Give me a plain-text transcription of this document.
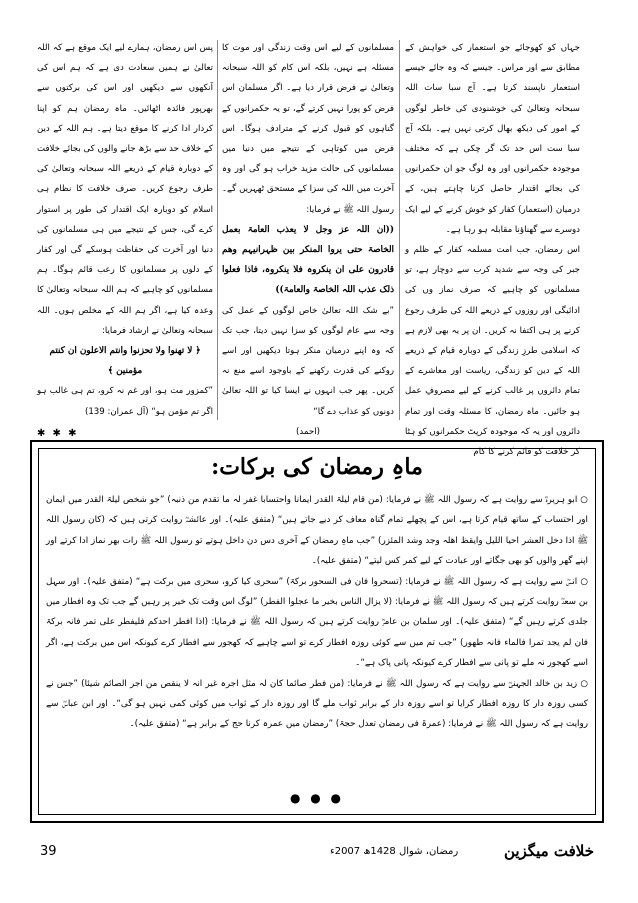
جہاں کو کھوجائے جو استعمار کی خواہش کے مطابق سے اور مراس۔ جیسے کہ وہ جائے جیسے استعمار ناپسند کرتا ہے۔ آج سبا سات اللہ سبحانہ وتعالیٰ کی خوشنودی کی خاطر لوگوں کے امور کی دیکھ بھال کرتی نہیں ہے۔ بلکہ آج سبا ست اس حد تک گر چکی ہے کہ مختلف موجودہ حکمرانوں اور وہ لوگ جو ان حکمرانوں کی بجائے اقتدار حاصل کرنا چاہتے ہیں، کے درمیان (استعمار) کفار کو خوش کرنے کے لیے ایک دوسرے سے گھناؤنا مقابلہ ہو رہا ہے۔

اس رمضان، جب امت مسلمہ کفار کے ظلم و جبر کی وجہ سے شدید کرب سے دوچار ہے، تو مسلمانوں کو چاہیے کہ صرف نماز وں کی ادائیگی اور روزوں کے ذریعے اللہ کی طرف رجوع کرنے پر ہی اکتفا نہ کریں۔ ان پر یہ بھی لازم ہے کہ اسلامی طرزِ زندگی کے دوبارہ قیام کے ذریعے اللہ کے دین کو زندگی، ریاست اور معاشرے کے تمام دائروں پر غالب کرنے کے لیے مصروفِ عمل ہو جائیں۔ ماہ رمضان، کا مسئلہ وقت اور تمام دائروں اور یہ کہ موجودہ کرپٹ حکمرانوں کو ہٹا کر خلافت کو قائم کرنے کا کام

مسلمانوں کے لیے اس وقت زندگی اور موت کا مسئلہ ہے نہیں، بلکہ اس کام کو اللہ سبحانہ وتعالیٰ نے فرض قرار دیا ہے۔ اگر مسلمان اس فرض کو پورا نہیں کرتے گے، تو یہ حکمرانوں کے گناہوں کو قبول کرنے کے مترادف ہوگا۔ اس فرض میں کوتاہی کے نتیجے میں دنیا میں مسلمانوں کی حالت مزید خراب ہو گی اور وہ آخرت میں اللہ کی سزا کے مستحق ٹھہریں گے۔ رسول اللہ ﷺ نے فرمایا:

((ان اللہ عز وجل لا یعذب العامۃ بعمل الخاصۃ حتی یروا المنکر بین ظہرانیہم وھم قادرون علی ان ینکروہ فلا ینکروہ، فاذا فعلوا ذلک عذب اللہ الخاصۃ والعامۃ))

”بے شک اللہ تعالیٰ خاص لوگوں کے عمل کی وجہ سے عام لوگوں کو سزا نہیں دیتا، جب تک کہ وہ اپنے درمیان منکر ہوتا دیکھیں اور اسے روکنے کی قدرت رکھنے کے باوجود اسے منع نہ کریں۔ پھر جب انہوں نے ایسا کیا تو اللہ تعالیٰ دونوں کو عذاب دے گا“

(احمد)

پس اس رمضان، ہمارے لیے ایک موقع ہے کہ اللہ تعالیٰ نے ہمیں سعادت دی ہے کہ ہم اس کی آنکھوں سے دیکھیں اور اس کی برکتوں سے بھرپور فائدہ اٹھائیں۔ ماہ رمضان ہم کو اپنا کردار ادا کرنے کا موقع دیتا ہے۔ ہم اللہ کے دین کے خلاف حد سے بڑھ جانے والوں کی بجائے خلافت کے دوبارہ قیام کے ذریعے اللہ سبحانہ وتعالیٰ کی طرف رجوع کریں۔ صرف خلافت کا نظام ہی اسلام کو دوبارہ ایک اقتدار کی طور پر استوار کرے گی، جس کے نتیجے میں ہی مسلمانوں کی دنیا اور آخرت کی حفاظت ہوسکے گی اور کفار کے دلوں پر مسلمانوں کا رعب قائم ہوگا۔ ہم مسلمانوں کو چاہیے کہ ہم اللہ سبحانہ وتعالیٰ کا وعدہ کیا ہے، اگر ہم اللہ کے مخلص ہوں۔ اللہ سبحانہ وتعالیٰ نے ارشاد فرمایا:

﴿ لا تھنوا ولا تحزنوا وانتم الاعلون ان کنتم مؤمنین ﴾

”کمزور مت ہو، اور غم نہ کرو، تم ہی غالب ہو اگر تم مؤمن ہو“ (آل عمران: 139)

✱ ✱ ✱
ماہِ رمضان کی برکات:

○ ابو ہریرہؓ سے روایت ہے کہ رسول اللہ ﷺ نے فرمایا: (من قام لیلۃ القدر ایمانا واحتسابا غفر لہ ما تقدم من ذنبہ) ”جو شخص لیلۃ القدر میں ایمان اور احتساب کے ساتھ قیام کرتا ہے، اس کے پچھلے تمام گناہ معاف کر دیے جاتے ہیں“ (متفق علیہ)۔ اور عائشہؓ روایت کرتی ہیں کہ (کان رسول اللہ ﷺ اذا دخل العشر احیا اللیل وایقظ اھلہ وجد وشد المئزر) ”جب ماہِ رمضان کے آخری دس دن داخل ہوتے تو رسول اللہ ﷺ رات بھر نماز ادا کرتے اور اپنے گھر والوں کو بھی جگاتے اور عبادت کے لیے کمر کس لیتے“ (متفق علیہ)۔

○ انسؓ سے روایت ہے کہ رسول اللہ ﷺ نے فرمایا: (تسحروا فان فی السحور برکۃ) ”سحری کیا کرو، سحری میں برکت ہے“ (متفق علیہ)۔ اور سہل بن سعدؓ روایت کرتے ہیں کہ رسول اللہ ﷺ نے فرمایا: (لا یزال الناس بخیر ما عجلوا الفطر) ”لوگ اس وقت تک خیر پر رہیں گے جب تک وہ افطار میں جلدی کرتے رہیں گے“ (متفق علیہ)۔ اور سلمان بن عامرؓ روایت کرتے ہیں کہ رسول اللہ ﷺ نے فرمایا: (اذا افطر احدکم فلیفطر علی تمر فانہ برکۃ فان لم یجد تمرا فالماء فانہ طھور) ”جب تم میں سے کوئی روزہ افطار کرے تو اسے چاہیے کہ کھجور سے افطار کرے کیونکہ اس میں برکت ہے، اگر اسے کھجور نہ ملے تو پانی سے افطار کرے کیونکہ پانی پاک ہے“۔

○ زید بن خالد الجہنیؓ سے روایت ہے کہ رسول اللہ ﷺ نے فرمایا: (من فطر صائما کان لہ مثل اجرہ غیر انہ لا ینقص من اجر الصائم شیئا) ”جس نے کسی روزہ دار کا روزہ افطار کرایا تو اسے روزہ دار کے برابر ثواب ملے گا اور روزہ دار کے ثواب میں کوئی کمی نہیں ہو گی“۔ اور ابن عباسؓ سے روایت ہے کہ رسول اللہ ﷺ نے فرمایا: (عمرۃ فی رمضان تعدل حجۃ) ”رمضان میں عمرہ کرنا حج کے برابر ہے“ (متفق علیہ)۔

● ● ●
39	رمضان، شوال 1428ھ 2007ء	خلافت میگزین
